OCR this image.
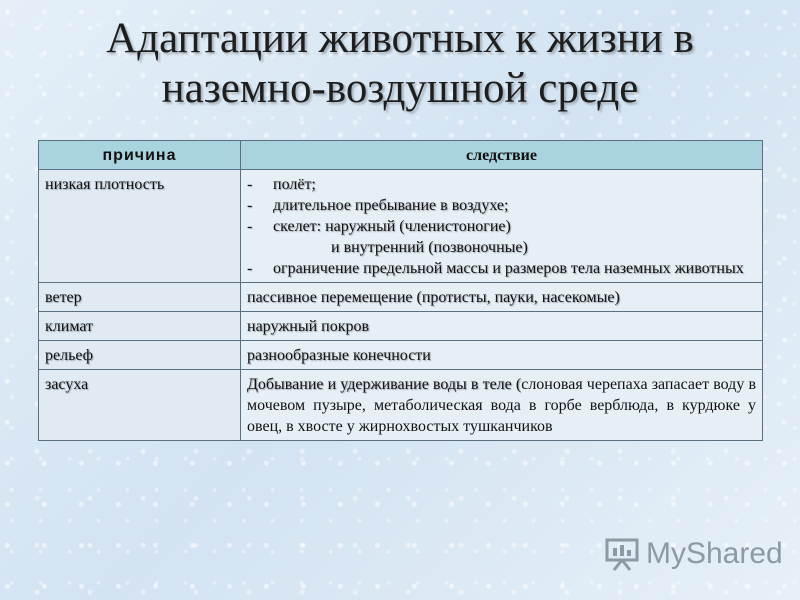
Адаптации животных к жизни в
наземно-воздушной среде
причина	следствие
низкая плотность	- полёт;
- длительное пребывание в воздухе;
- скелет: наружный (членистоногие)
и внутренний (позвоночные)
- ограничение предельной массы и размеров тела наземных животных

ветер	пассивное перемещение (протисты, пауки, насекомые)
климат	наружный покров
рельеф	разнообразные конечности
засуха	Добывание и удерживание воды в теле (слоновая черепаха запасает воду в мочевом пузыре, метаболическая вода в горбе верблюда, в курдюке у овец, в хвосте у жирнохвостых тушканчиков
MyShared
